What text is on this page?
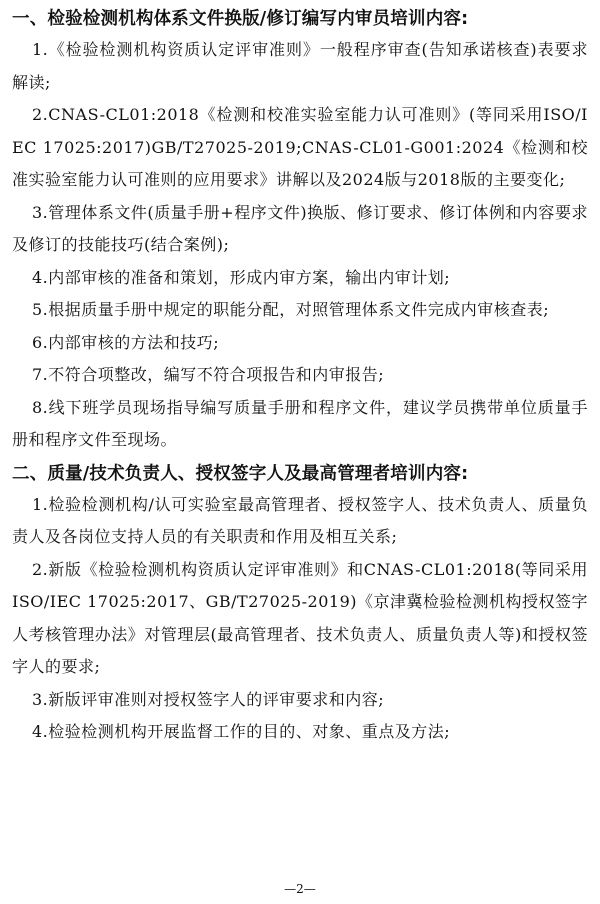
一、检验检测机构体系文件换版/修订编写内审员培训内容:

1.《检验检测机构资质认定评审准则》一般程序审查(告知承诺核查)表要求解读;

2.CNAS-CL01:2018《检测和校准实验室能力认可准则》(等同采用ISO/IEC 17025:2017)GB/T27025-2019;CNAS-CL01-G001:2024《检测和校准实验室能力认可准则的应用要求》讲解以及2024版与2018版的主要变化;

3.管理体系文件(质量手册+程序文件)换版、修订要求、修订体例和内容要求及修订的技能技巧(结合案例);

4.内部审核的准备和策划，形成内审方案，输出内审计划;

5.根据质量手册中规定的职能分配，对照管理体系文件完成内审核查表;

6.内部审核的方法和技巧;

7.不符合项整改，编写不符合项报告和内审报告;

8.线下班学员现场指导编写质量手册和程序文件，建议学员携带单位质量手册和程序文件至现场。

二、质量/技术负责人、授权签字人及最高管理者培训内容:

1.检验检测机构/认可实验室最高管理者、授权签字人、技术负责人、质量负责人及各岗位支持人员的有关职责和作用及相互关系;

2.新版《检验检测机构资质认定评审准则》和CNAS-CL01:2018(等同采用ISO/IEC 17025:2017、GB/T27025-2019)《京津冀检验检测机构授权签字人考核管理办法》对管理层(最高管理者、技术负责人、质量负责人等)和授权签字人的要求;

3.新版评审准则对授权签字人的评审要求和内容;

4.检验检测机构开展监督工作的目的、对象、重点及方法;

—2—
